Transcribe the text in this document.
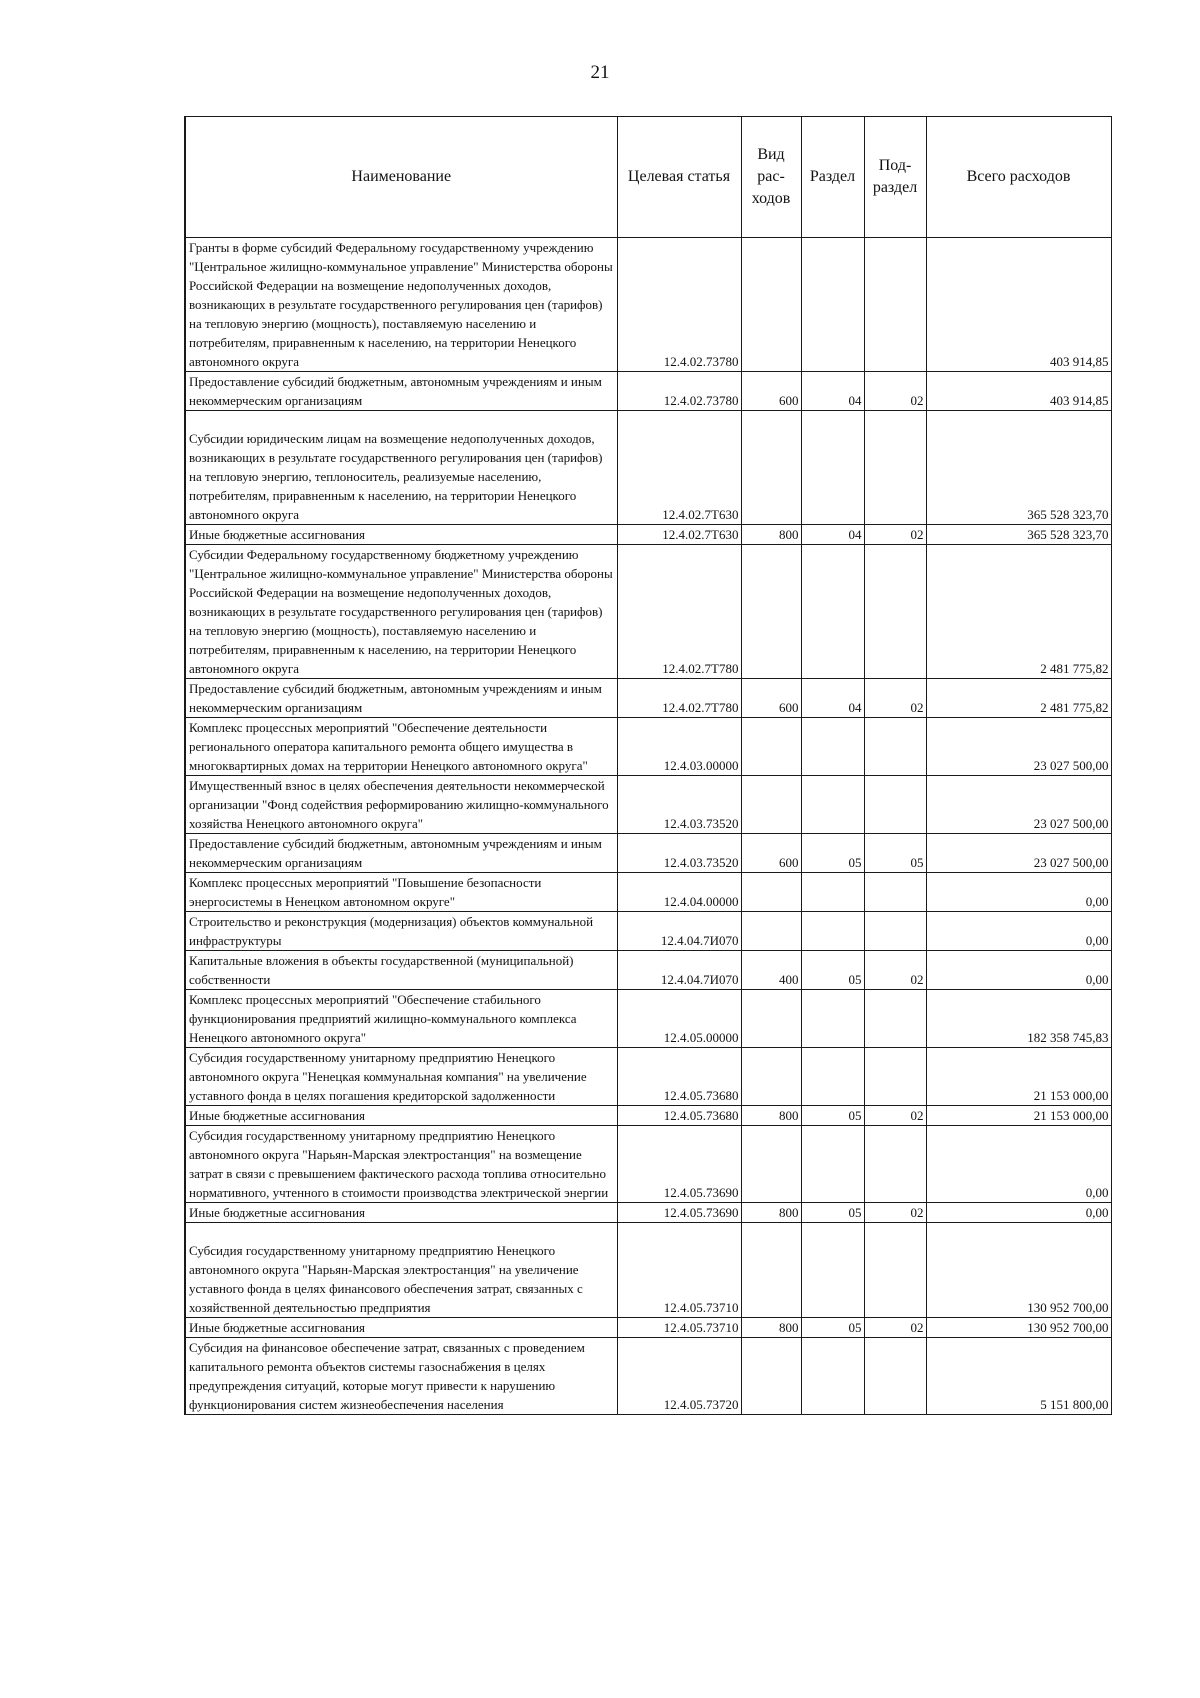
21
Наименование	Целевая статья	Вид рас-ходов	Раздел	Под-раздел	Всего расходов
Гранты в форме субсидий Федеральному государственному учреждению "Центральное жилищно-коммунальное управление" Министерства обороны Российской Федерации на возмещение недополученных доходов, возникающих в результате государственного регулирования цен (тарифов) на тепловую энергию (мощность), поставляемую населению и потребителям, приравненным к населению, на территории Ненецкого автономного округа	12.4.02.73780				403 914,85
Предоставление субсидий бюджетным, автономным учреждениям и иным некоммерческим организациям	12.4.02.73780	600	04	02	403 914,85
Субсидии юридическим лицам на возмещение недополученных доходов, возникающих в результате государственного регулирования цен (тарифов) на тепловую энергию, теплоноситель, реализуемые населению, потребителям, приравненным к населению, на территории Ненецкого автономного округа	12.4.02.7Т630				365 528 323,70
Иные бюджетные ассигнования	12.4.02.7Т630	800	04	02	365 528 323,70
Субсидии Федеральному государственному бюджетному учреждению "Центральное жилищно-коммунальное управление" Министерства обороны Российской Федерации на возмещение недополученных доходов, возникающих в результате государственного регулирования цен (тарифов) на тепловую энергию (мощность), поставляемую населению и потребителям, приравненным к населению, на территории Ненецкого автономного округа	12.4.02.7Т780				2 481 775,82
Предоставление субсидий бюджетным, автономным учреждениям и иным некоммерческим организациям	12.4.02.7Т780	600	04	02	2 481 775,82
Комплекс процессных мероприятий "Обеспечение деятельности регионального оператора капитального ремонта общего имущества в многоквартирных домах на территории Ненецкого автономного округа"	12.4.03.00000				23 027 500,00
Имущественный взнос в целях обеспечения деятельности некоммерческой организации "Фонд содействия реформированию жилищно-коммунального хозяйства Ненецкого автономного округа"	12.4.03.73520				23 027 500,00
Предоставление субсидий бюджетным, автономным учреждениям и иным некоммерческим организациям	12.4.03.73520	600	05	05	23 027 500,00
Комплекс процессных мероприятий "Повышение безопасности энергосистемы в Ненецком автономном округе"	12.4.04.00000				0,00
Строительство и реконструкция (модернизация) объектов коммунальной инфраструктуры	12.4.04.7И070				0,00
Капитальные вложения в объекты государственной (муниципальной) собственности	12.4.04.7И070	400	05	02	0,00
Комплекс процессных мероприятий "Обеспечение стабильного функционирования предприятий жилищно-коммунального комплекса Ненецкого автономного округа"	12.4.05.00000				182 358 745,83
Субсидия государственному унитарному предприятию Ненецкого автономного округа "Ненецкая коммунальная компания" на увеличение уставного фонда в целях погашения кредиторской задолженности	12.4.05.73680				21 153 000,00
Иные бюджетные ассигнования	12.4.05.73680	800	05	02	21 153 000,00
Субсидия государственному унитарному предприятию Ненецкого автономного округа "Нарьян-Марская электростанция" на возмещение затрат в связи с превышением фактического расхода топлива относительно нормативного, учтенного в стоимости производства электрической энергии	12.4.05.73690				0,00
Иные бюджетные ассигнования	12.4.05.73690	800	05	02	0,00
Субсидия государственному унитарному предприятию Ненецкого автономного округа "Нарьян-Марская электростанция" на увеличение уставного фонда в целях финансового обеспечения затрат, связанных с хозяйственной деятельностью предприятия	12.4.05.73710				130 952 700,00
Иные бюджетные ассигнования	12.4.05.73710	800	05	02	130 952 700,00
Субсидия на финансовое обеспечение затрат, связанных с проведением капитального ремонта объектов системы газоснабжения в целях предупреждения ситуаций, которые могут привести к нарушению функционирования систем жизнеобеспечения населения	12.4.05.73720				5 151 800,00
